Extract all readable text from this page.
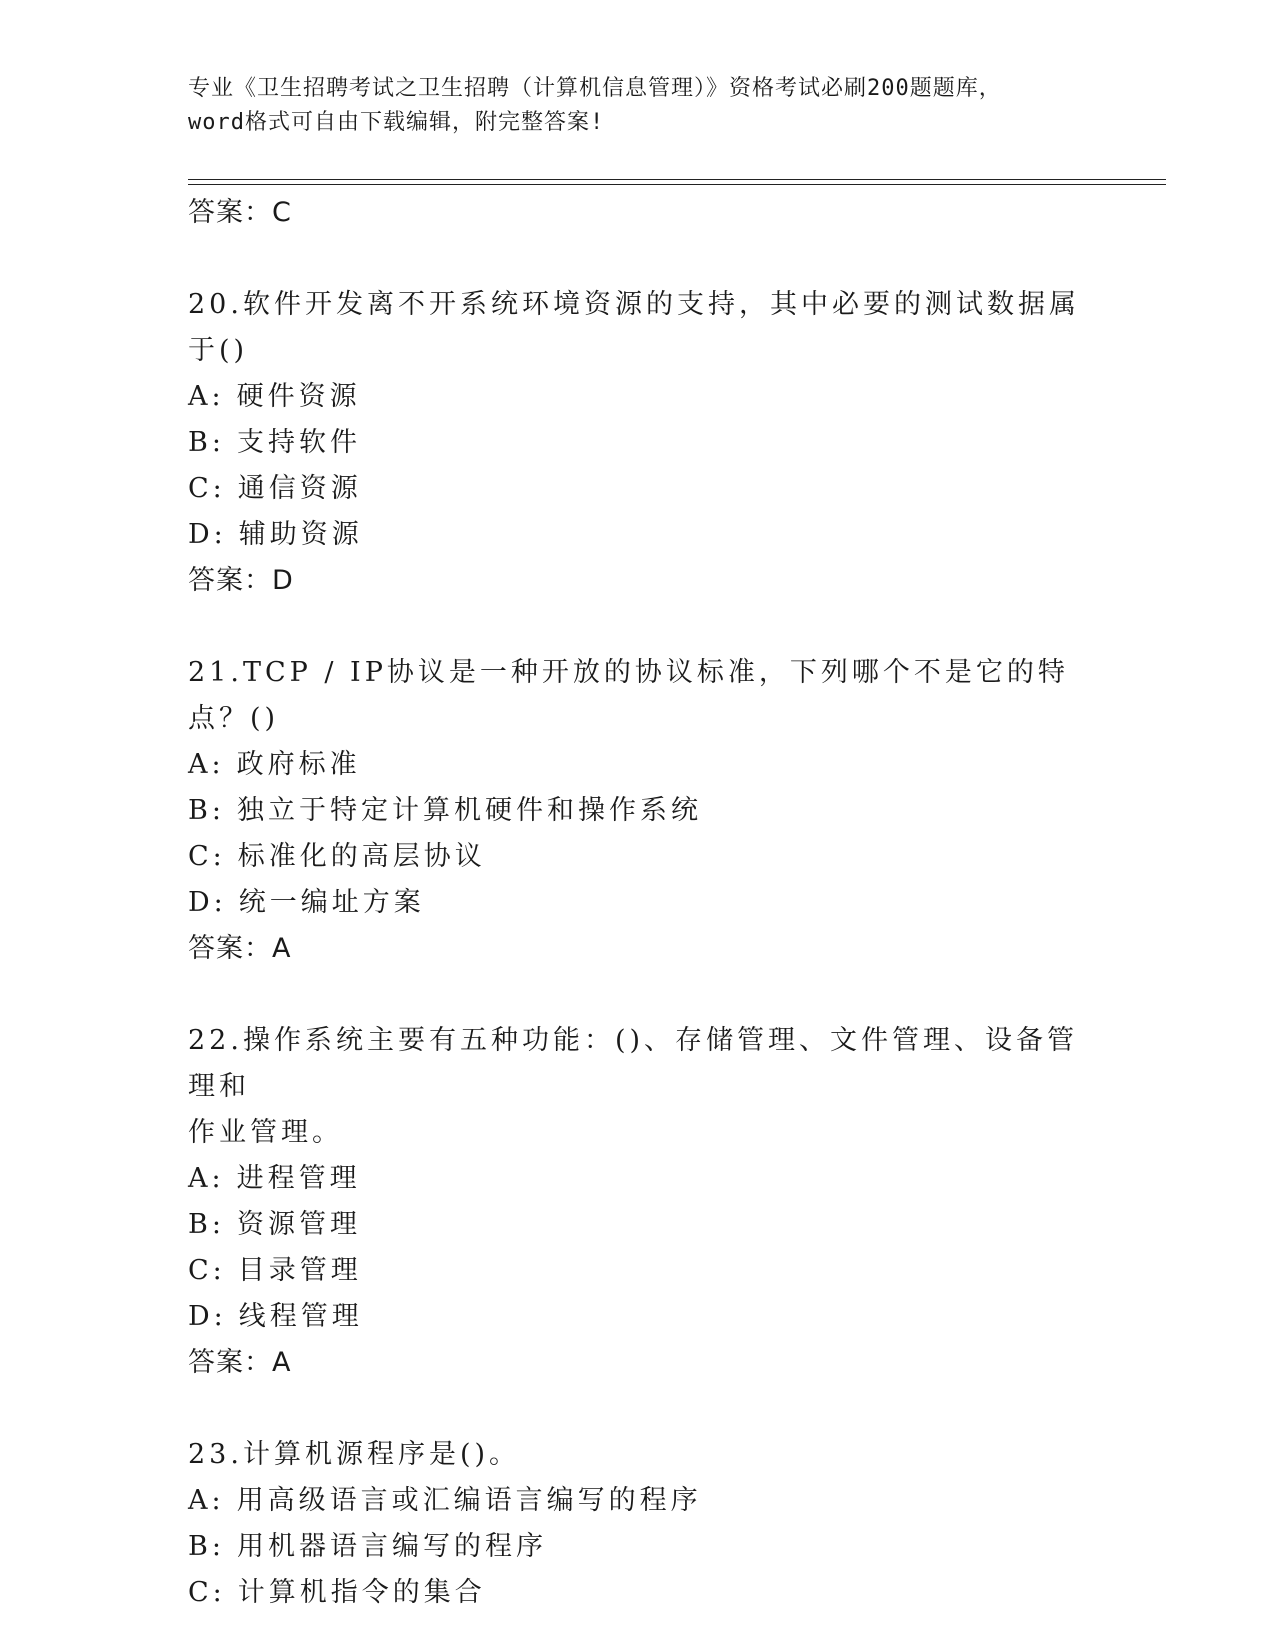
专业《卫生招聘考试之卫生招聘（计算机信息管理）》资格考试必刷200题题库，
word格式可自由下载编辑，附完整答案!
答案：C
20.软件开发离不开系统环境资源的支持，其中必要的测试数据属于()
A: 硬件资源
B: 支持软件
C: 通信资源
D: 辅助资源
答案：D
21.TCP / IP协议是一种开放的协议标准，下列哪个不是它的特点？()
A: 政府标准
B: 独立于特定计算机硬件和操作系统
C: 标准化的高层协议
D: 统一编址方案
答案：A
22.操作系统主要有五种功能：()、存储管理、文件管理、设备管理和
作业管理。
A: 进程管理
B: 资源管理
C: 目录管理
D: 线程管理
答案：A
23.计算机源程序是()。
A: 用高级语言或汇编语言编写的程序
B: 用机器语言编写的程序
C: 计算机指令的集合
